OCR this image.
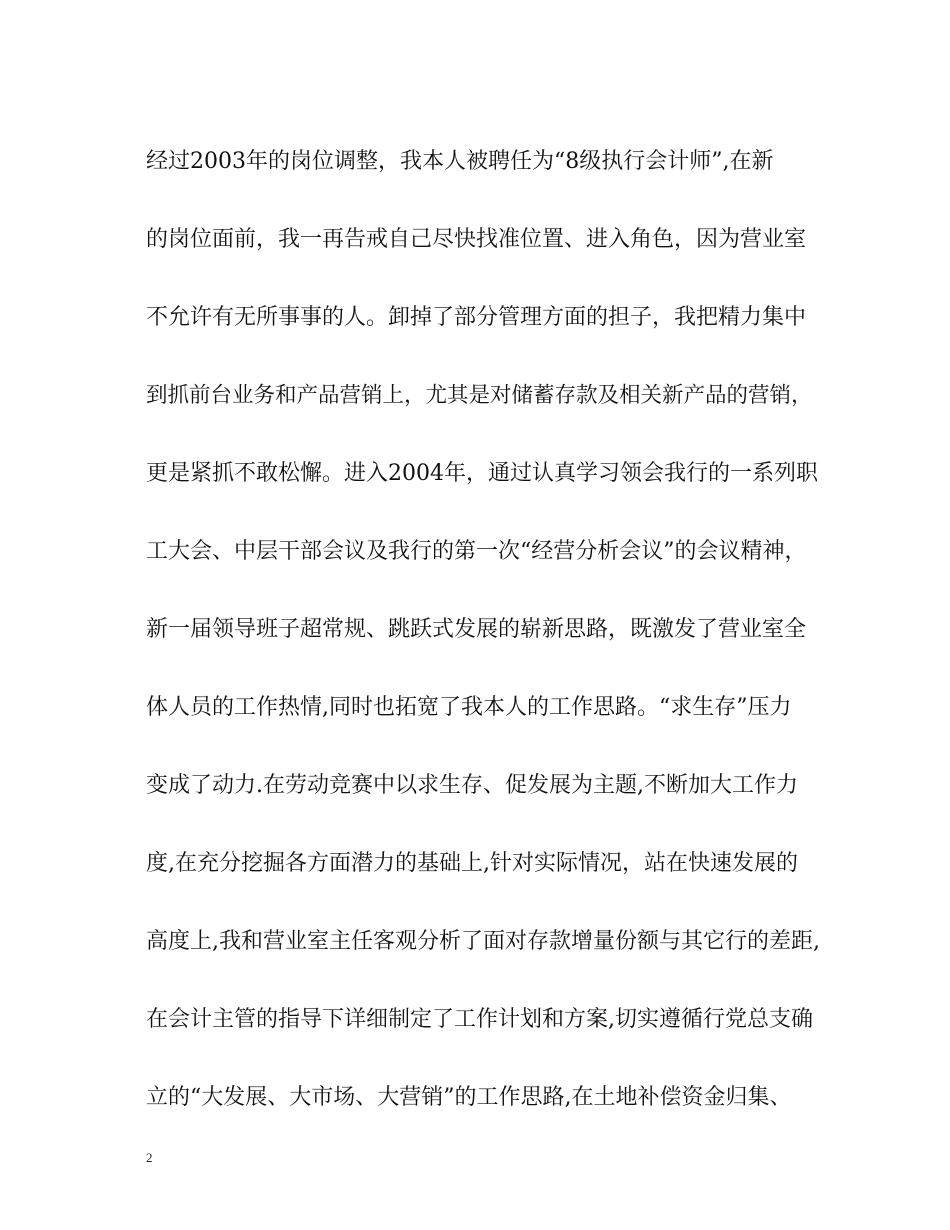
经过2003年的岗位调整，我本人被聘任为“8级执行会计师”,在新
的岗位面前，我一再告戒自己尽快找准位置、进入角色，因为营业室
不允许有无所事事的人。卸掉了部分管理方面的担子，我把精力集中
到抓前台业务和产品营销上，尤其是对储蓄存款及相关新产品的营销，
更是紧抓不敢松懈。进入2004年，通过认真学习领会我行的一系列职
工大会、中层干部会议及我行的第一次“经营分析会议”的会议精神，
新一届领导班子超常规、跳跃式发展的崭新思路，既激发了营业室全
体人员的工作热情,同时也拓宽了我本人的工作思路。“求生存”压力
变成了动力.在劳动竞赛中以求生存、促发展为主题,不断加大工作力
度,在充分挖掘各方面潜力的基础上,针对实际情况，站在快速发展的
高度上,我和营业室主任客观分析了面对存款增量份额与其它行的差距,
在会计主管的指导下详细制定了工作计划和方案,切实遵循行党总支确
立的“大发展、大市场、大营销”的工作思路,在土地补偿资金归集、
2
